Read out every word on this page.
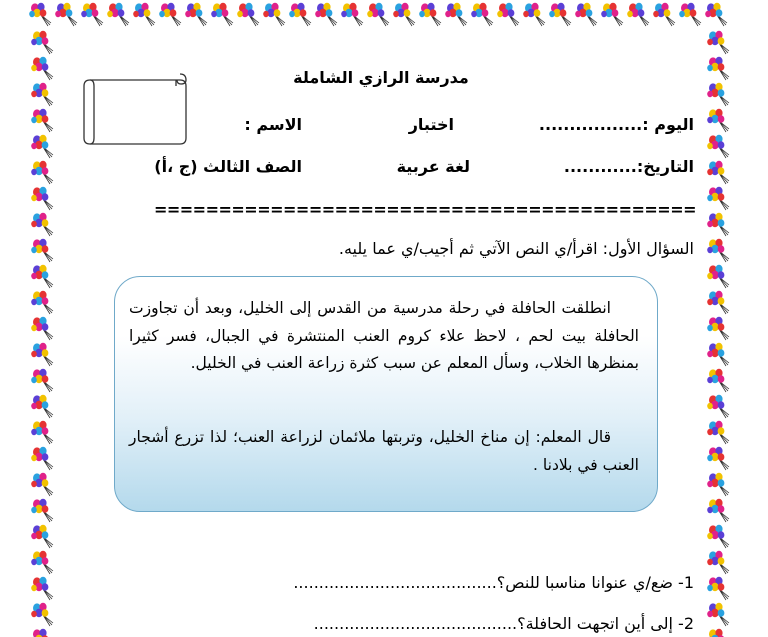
مدرسة الرازي الشاملة
اليوم :.................
اختبار
الاسم :
التاريخ:............
لغة عربية
الصف الثالث (ج ،أ)
==========================================
السؤال الأول: اقرأ/ي النص الآتي ثم أجيب/ي عما يليه.
انطلقت الحافلة في رحلة مدرسية من القدس إلى الخليل، وبعد أن تجاوزت الحافلة بيت لحم ، لاحظ علاء كروم العنب المنتشرة في الجبال، فسر كثيرا بمنظرها الخلاب، وسأل المعلم عن سبب كثرة زراعة العنب في الخليل.
قال المعلم: إن مناخ الخليل، وتربتها ملائمان لزراعة العنب؛ لذا تزرع أشجار العنب في بلادنا .
1- ضع/ي عنوانا مناسبا للنص؟........................................
2- إلى أين اتجهت الحافلة؟........................................
